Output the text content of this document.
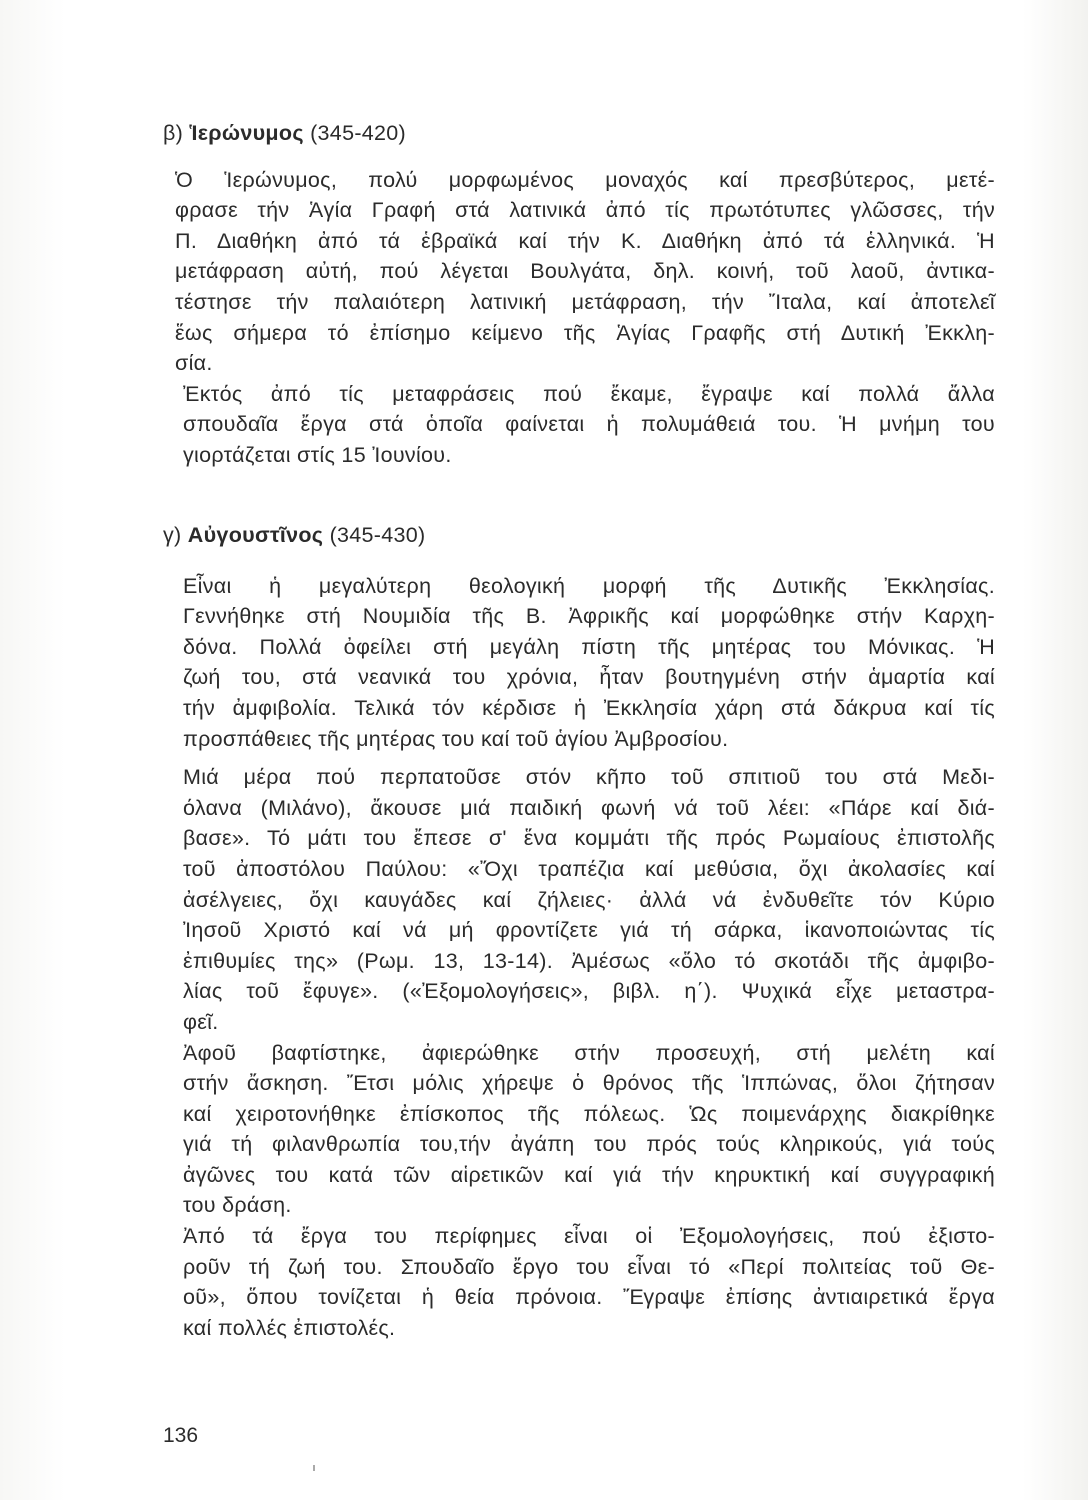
β) Ἱερώνυμος (345-420)

Ὁ Ἱερώνυμος, πολύ μορφωμένος μοναχός καί πρεσβύτερος, μετέ-
φρασε τήν Ἁγία Γραφή στά λατινικά ἀπό τίς πρωτότυπες γλῶσσες, τήν
Π. Διαθήκη ἀπό τά ἑβραϊκά καί τήν Κ. Διαθήκη ἀπό τά ἑλληνικά. Ἡ
μετάφραση αὐτή, πού λέγεται Βουλγάτα, δηλ. κοινή, τοῦ λαοῦ, ἀντικα-
τέστησε τήν παλαιότερη λατινική μετάφραση, τήν Ἴταλα, καί ἀποτελεῖ
ἕως σήμερα τό ἐπίσημο κείμενο τῆς Ἁγίας Γραφῆς στή Δυτική Ἐκκλη-
σία.

Ἐκτός ἀπό τίς μεταφράσεις πού ἔκαμε, ἔγραψε καί πολλά ἄλλα
σπουδαῖα ἔργα στά ὁποῖα φαίνεται ἡ πολυμάθειά του. Ἡ μνήμη του
γιορτάζεται στίς 15 Ἰουνίου.

γ) Αὐγουστῖνος (345-430)

Εἶναι ἡ μεγαλύτερη θεολογική μορφή τῆς Δυτικῆς Ἐκκλησίας.
Γεννήθηκε στή Νουμιδία τῆς Β. Ἀφρικῆς καί μορφώθηκε στήν Καρχη-
δόνα. Πολλά ὀφείλει στή μεγάλη πίστη τῆς μητέρας του Μόνικας. Ἡ
ζωή του, στά νεανικά του χρόνια, ἦταν βουτηγμένη στήν ἁμαρτία καί
τήν ἀμφιβολία. Τελικά τόν κέρδισε ἡ Ἐκκλησία χάρη στά δάκρυα καί τίς
προσπάθειες τῆς μητέρας του καί τοῦ ἁγίου Ἀμβροσίου.

Μιά μέρα πού περπατοῦσε στόν κῆπο τοῦ σπιτιοῦ του στά Μεδι-
όλανα (Μιλάνο), ἄκουσε μιά παιδική φωνή νά τοῦ λέει: «Πάρε καί διά-
βασε». Τό μάτι του ἔπεσε σ' ἕνα κομμάτι τῆς πρός Ρωμαίους ἐπιστολῆς
τοῦ ἀποστόλου Παύλου: «Ὄχι τραπέζια καί μεθύσια, ὄχι ἀκολασίες καί
ἀσέλγειες, ὄχι καυγάδες καί ζήλειες· ἀλλά νά ἐνδυθεῖτε τόν Κύριο
Ἰησοῦ Χριστό καί νά μή φροντίζετε γιά τή σάρκα, ἱκανοποιώντας τίς
ἐπιθυμίες της» (Ρωμ. 13, 13-14). Ἀμέσως «ὅλο τό σκοτάδι τῆς ἀμφιβο-
λίας τοῦ ἔφυγε». («Ἐξομολογήσεις», βιβλ. η΄). Ψυχικά εἶχε μεταστρα-
φεῖ.

Ἀφοῦ βαφτίστηκε, ἀφιερώθηκε στήν προσευχή, στή μελέτη καί
στήν ἄσκηση. Ἔτσι μόλις χήρεψε ὁ θρόνος τῆς Ἱππώνας, ὅλοι ζήτησαν
καί χειροτονήθηκε ἐπίσκοπος τῆς πόλεως. Ὡς ποιμενάρχης διακρίθηκε
γιά τή φιλανθρωπία του,τήν ἀγάπη του πρός τούς κληρικούς, γιά τούς
ἀγῶνες του κατά τῶν αἱρετικῶν καί γιά τήν κηρυκτική καί συγγραφική
του δράση.

Ἀπό τά ἔργα του περίφημες εἶναι οἱ Ἐξομολογήσεις, πού ἐξιστο-
ροῦν τή ζωή του. Σπουδαῖο ἔργο του εἶναι τό «Περί πολιτείας τοῦ Θε-
οῦ», ὅπου τονίζεται ἡ θεία πρόνοια. Ἔγραψε ἐπίσης ἀντιαιρετικά ἔργα
καί πολλές ἐπιστολές.

136
